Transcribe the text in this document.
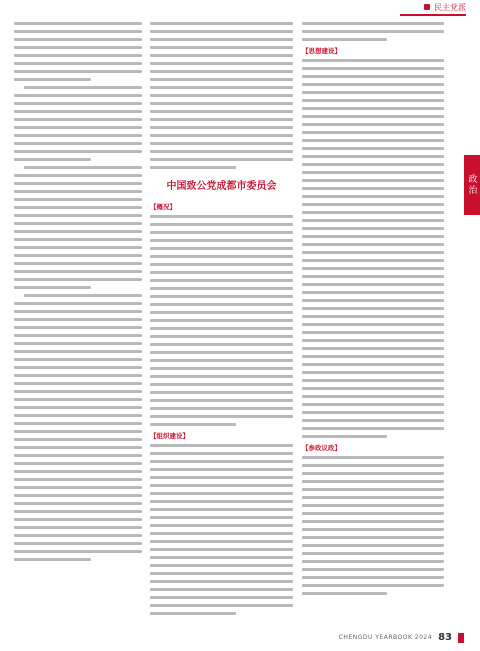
民主党派
政治
中国致公党成都市委员会
【概况】
【组织建设】
【思想建设】
【参政议政】
CHENGDU YEARBOOK 2024 83
